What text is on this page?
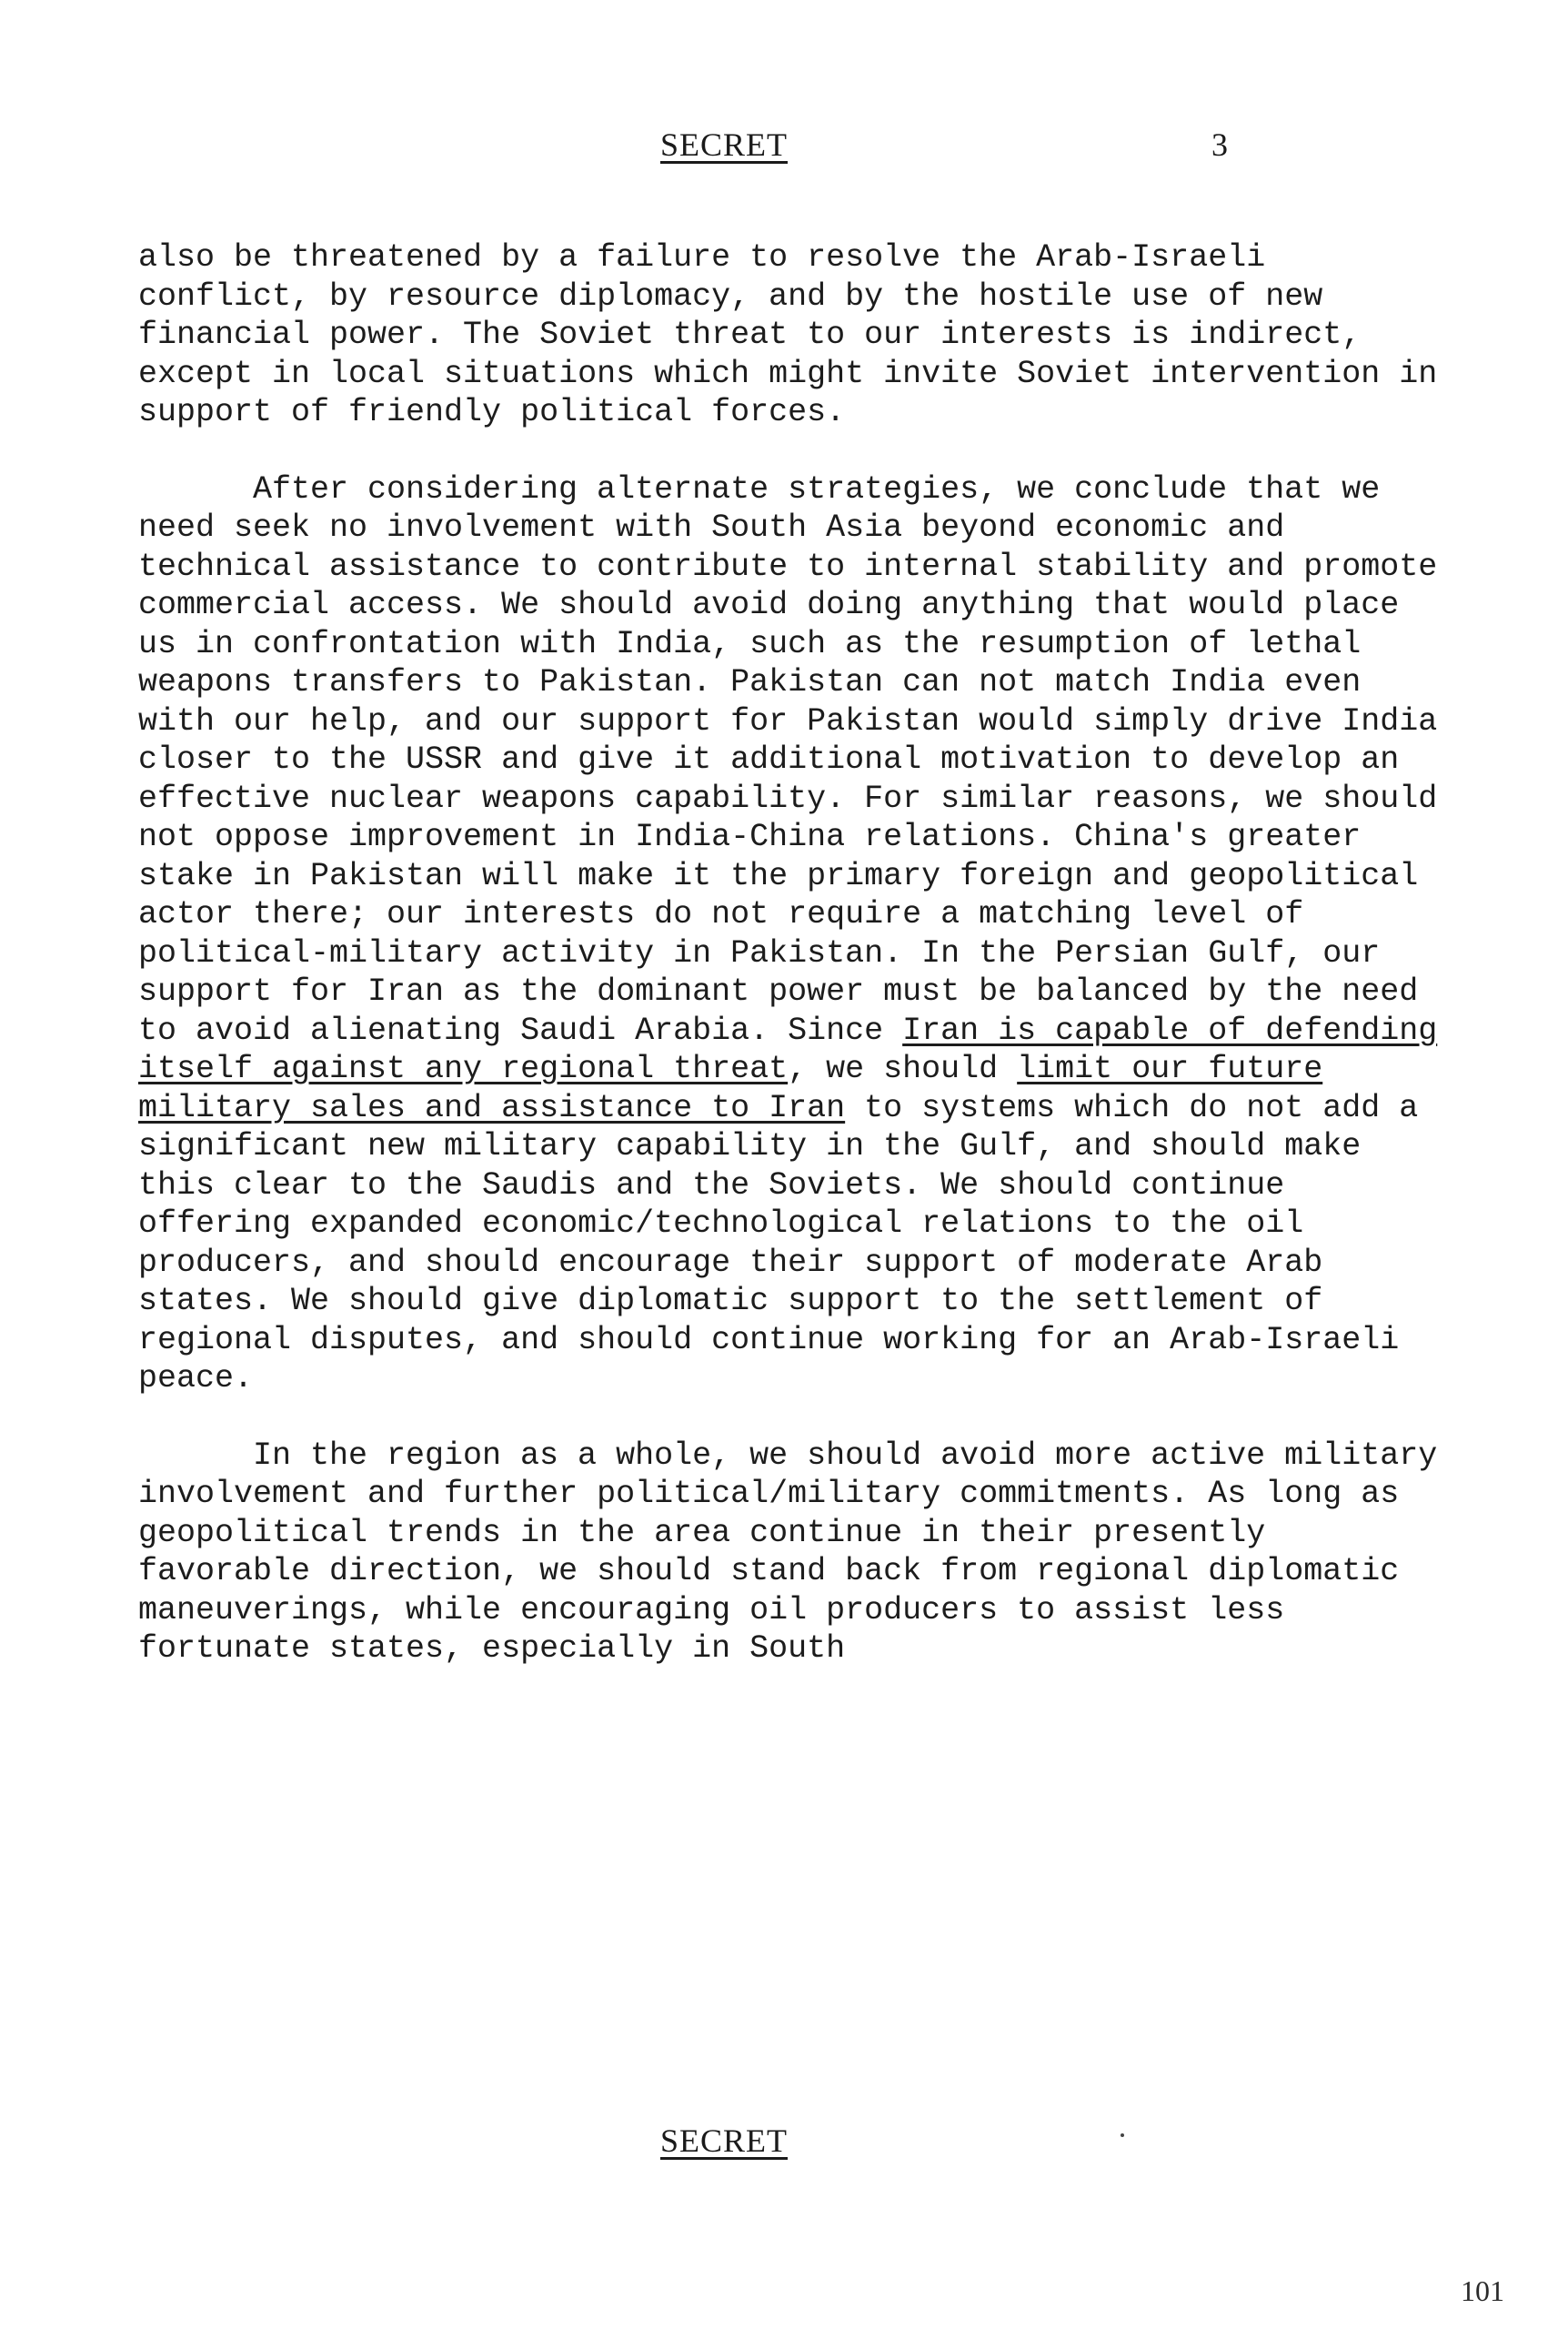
SECRET	3

also be threatened by a failure to resolve the Arab-Israeli conflict, by resource diplomacy, and by the hostile use of new financial power. The Soviet threat to our interests is indirect, except in local situations which might invite Soviet intervention in support of friendly political forces.

After considering alternate strategies, we conclude that we need seek no involvement with South Asia beyond economic and technical assistance to contribute to internal stability and promote commercial access. We should avoid doing anything that would place us in confrontation with India, such as the resumption of lethal weapons transfers to Pakistan. Pakistan can not match India even with our help, and our support for Pakistan would simply drive India closer to the USSR and give it additional motivation to develop an effective nuclear weapons capability. For similar reasons, we should not oppose improvement in India-China relations. China's greater stake in Pakistan will make it the primary foreign and geopolitical actor there; our interests do not require a matching level of political-military activity in Pakistan. In the Persian Gulf, our support for Iran as the dominant power must be balanced by the need to avoid alienating Saudi Arabia. Since Iran is capable of defending itself against any regional threat, we should limit our future military sales and assistance to Iran to systems which do not add a significant new military capability in the Gulf, and should make this clear to the Saudis and the Soviets. We should continue offering expanded economic/technological relations to the oil producers, and should encourage their support of moderate Arab states. We should give diplomatic support to the settlement of regional disputes, and should continue working for an Arab-Israeli peace.

In the region as a whole, we should avoid more active military involvement and further political/military commitments. As long as geopolitical trends in the area continue in their presently favorable direction, we should stand back from regional diplomatic maneuverings, while encouraging oil producers to assist less fortunate states, especially in South

SECRET
101
